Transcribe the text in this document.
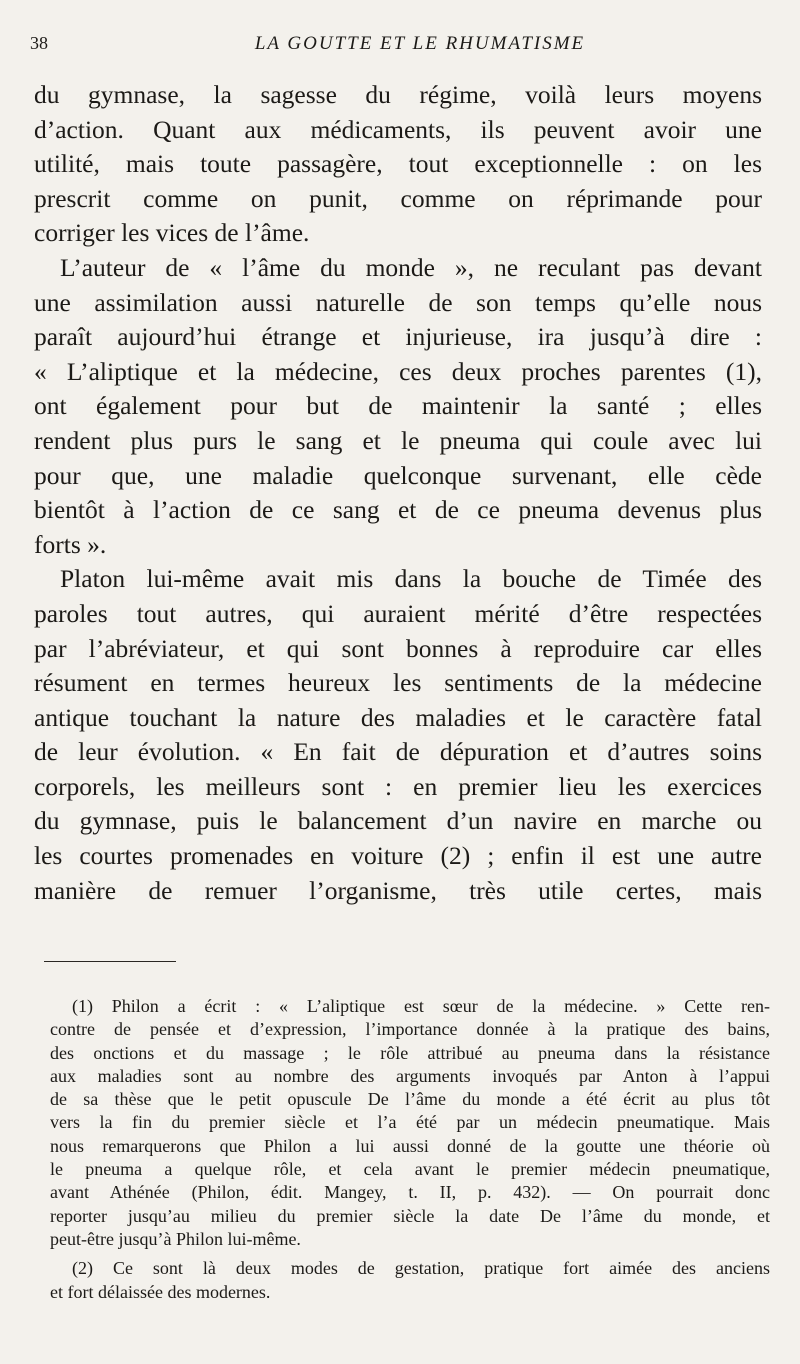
38	LA GOUTTE ET LE RHUMATISME
du gymnase, la sagesse du régime, voilà leurs moyens
d’action. Quant aux médicaments, ils peuvent avoir une
utilité, mais toute passagère, tout exceptionnelle : on les
prescrit comme on punit, comme on réprimande pour
corriger les vices de l’âme.
L’auteur de « l’âme du monde », ne reculant pas devant
une assimilation aussi naturelle de son temps qu’elle nous
paraît aujourd’hui étrange et injurieuse, ira jusqu’à dire :
« L’aliptique et la médecine, ces deux proches parentes (1),
ont également pour but de maintenir la santé ; elles
rendent plus purs le sang et le pneuma qui coule avec lui
pour que, une maladie quelconque survenant, elle cède
bientôt à l’action de ce sang et de ce pneuma devenus plus
forts ».
Platon lui-même avait mis dans la bouche de Timée des
paroles tout autres, qui auraient mérité d’être respectées
par l’abréviateur, et qui sont bonnes à reproduire car elles
résument en termes heureux les sentiments de la médecine
antique touchant la nature des maladies et le caractère fatal
de leur évolution. « En fait de dépuration et d’autres soins
corporels, les meilleurs sont : en premier lieu les exercices
du gymnase, puis le balancement d’un navire en marche ou
les courtes promenades en voiture (2) ; enfin il est une autre
manière de remuer l’organisme, très utile certes, mais
(1) Philon a écrit : « L’aliptique est sœur de la médecine. » Cette ren-
contre de pensée et d’expression, l’importance donnée à la pratique des bains,
des onctions et du massage ; le rôle attribué au pneuma dans la résistance
aux maladies sont au nombre des arguments invoqués par Anton à l’appui
de sa thèse que le petit opuscule De l’âme du monde a été écrit au plus tôt
vers la fin du premier siècle et l’a été par un médecin pneumatique. Mais
nous remarquerons que Philon a lui aussi donné de la goutte une théorie où
le pneuma a quelque rôle, et cela avant le premier médecin pneumatique,
avant Athénée (Philon, édit. Mangey, t. II, p. 432). — On pourrait donc
reporter jusqu’au milieu du premier siècle la date De l’âme du monde, et
peut-être jusqu’à Philon lui-même.
(2) Ce sont là deux modes de gestation, pratique fort aimée des anciens
et fort délaissée des modernes.
